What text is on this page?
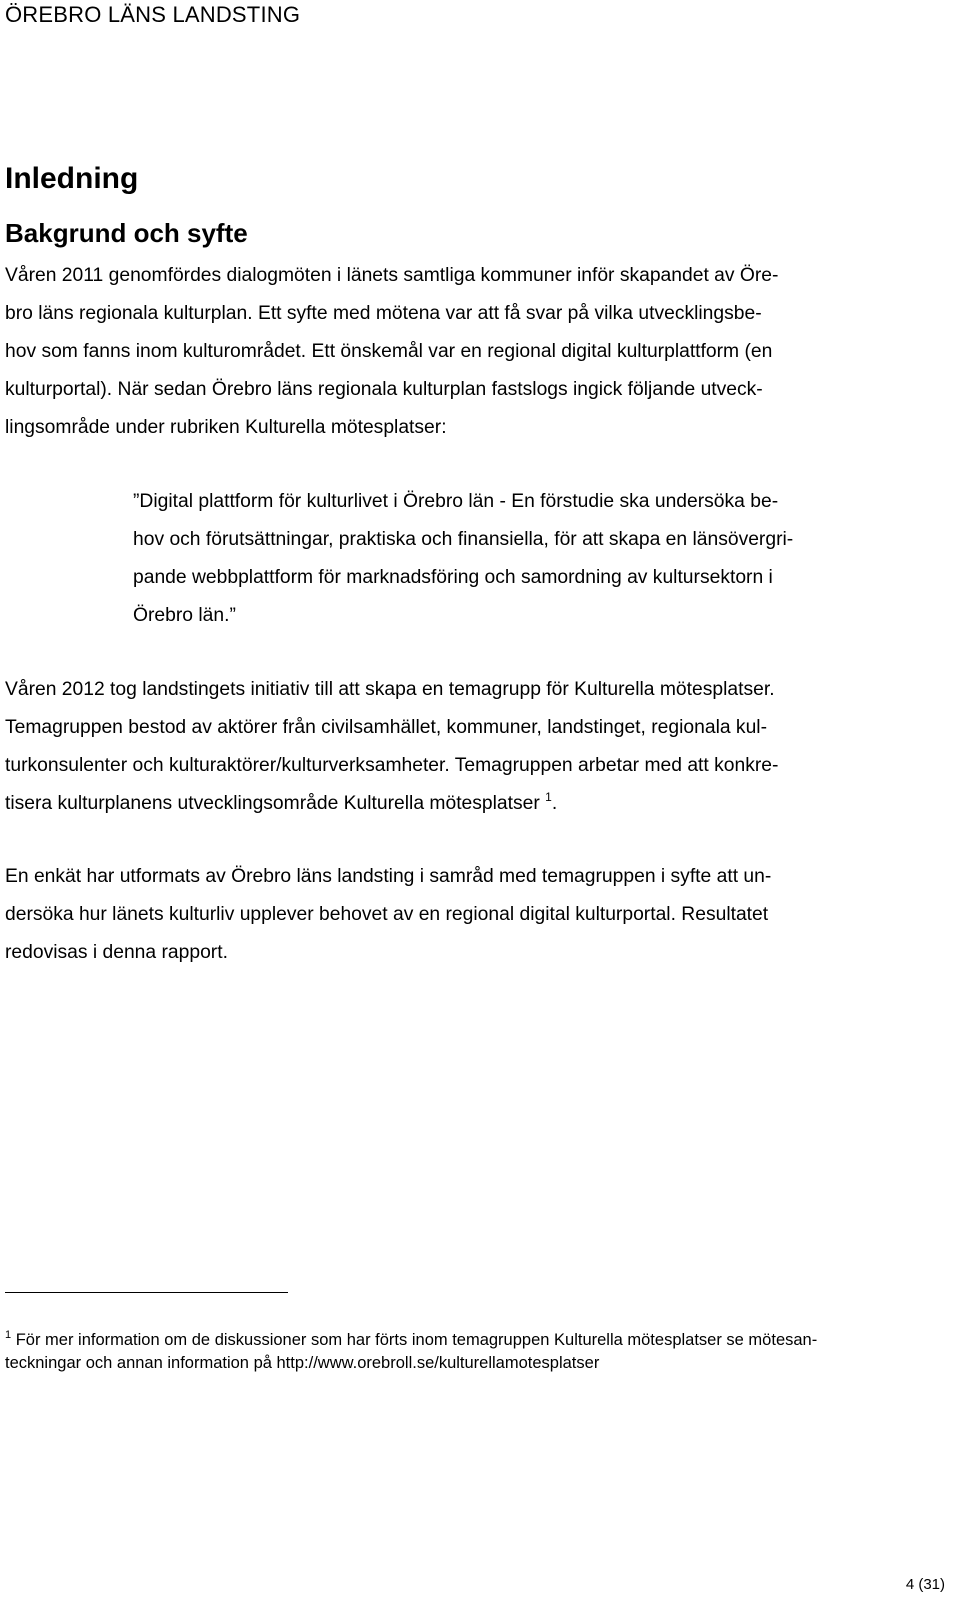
ÖREBRO LÄNS LANDSTING
Inledning
Bakgrund och syfte
Våren 2011 genomfördes dialogmöten i länets samtliga kommuner inför skapandet av Öre-
bro läns regionala kulturplan. Ett syfte med mötena var att få svar på vilka utvecklingsbe-
hov som fanns inom kulturområdet. Ett önskemål var en regional digital kulturplattform (en
kulturportal). När sedan Örebro läns regionala kulturplan fastslogs ingick följande utveck-
lingsområde under rubriken Kulturella mötesplatser:
”Digital plattform för kulturlivet i Örebro län - En förstudie ska undersöka be-
hov och förutsättningar, praktiska och finansiella, för att skapa en länsövergri-
pande webbplattform för marknadsföring och samordning av kultursektorn i
Örebro län.”
Våren 2012 tog landstingets initiativ till att skapa en temagrupp för Kulturella mötesplatser.
Temagruppen bestod av aktörer från civilsamhället, kommuner, landstinget, regionala kul-
turkonsulenter och kulturaktörer/kulturverksamheter. Temagruppen arbetar med att konkre-
tisera kulturplanens utvecklingsområde Kulturella mötesplatser $^1$.
En enkät har utformats av Örebro läns landsting i samråd med temagruppen i syfte att un-
dersöka hur länets kulturliv upplever behovet av en regional digital kulturportal. Resultatet
redovisas i denna rapport.
$^1$ För mer information om de diskussioner som har förts inom temagruppen Kulturella mötesplatser se mötesan-
teckningar och annan information på http://www.orebroll.se/kulturellamotesplatser
4 (31)
